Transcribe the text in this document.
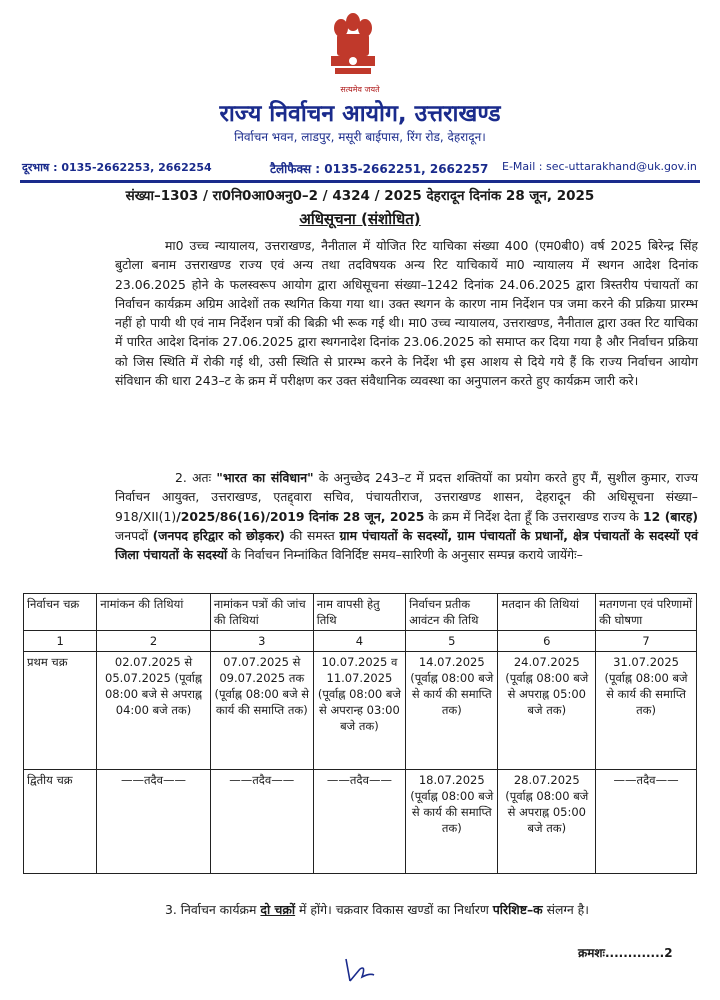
सत्यमेव जयते
राज्य निर्वाचन आयोग, उत्तराखण्ड
निर्वाचन भवन, लाडपुर, मसूरी बाईपास, रिंग रोड, देहरादून।
दूरभाष : 0135-2662253, 2662254	टैलीफैक्स : 0135-2662251, 2662257 E-Mail : sec-uttarakhand@uk.gov.in
संख्या–1303 / रा0नि0आ0अनु0–2 / 4324 / 2025 देहरादून दिनांक 28 जून, 2025
अधिसूचना (संशोधित)
मा0 उच्च न्यायालय, उत्तराखण्ड, नैनीताल में योजित रिट याचिका संख्या 400 (एम0बी0) वर्ष 2025 बिरेन्द्र सिंह बुटोला बनाम उत्तराखण्ड राज्य एवं अन्य तथा तदविषयक अन्य रिट याचिकायें मा0 न्यायालय में स्थगन आदेश दिनांक 23.06.2025 होने के फलस्वरूप आयोग द्वारा अधिसूचना संख्या–1242 दिनांक 24.06.2025 द्वारा त्रिस्तरीय पंचायतों का निर्वाचन कार्यक्रम अग्रिम आदेशों तक स्थगित किया गया था। उक्त स्थगन के कारण नाम निर्देशन पत्र जमा करने की प्रक्रिया प्रारम्भ नहीं हो पायी थी एवं नाम निर्देशन पत्रों की बिक्री भी रूक गई थी। मा0 उच्च न्यायालय, उत्तराखण्ड, नैनीताल द्वारा उक्त रिट याचिका में पारित आदेश दिनांक 27.06.2025 द्वारा स्थगनादेश दिनांक 23.06.2025 को समाप्त कर दिया गया है और निर्वाचन प्रक्रिया को जिस स्थिति में रोकी गई थी, उसी स्थिति से प्रारम्भ करने के निर्देश भी इस आशय से दिये गये हैं कि राज्य निर्वाचन आयोग संविधान की धारा 243–ट के क्रम में परीक्षण कर उक्त संवैधानिक व्यवस्था का अनुपालन करते हुए कार्यक्रम जारी करे।
2. अतः "भारत का संविधान" के अनुच्छेद 243–ट में प्रदत्त शक्तियों का प्रयोग करते हुए मैं, सुशील कुमार, राज्य निर्वाचन आयुक्त, उत्तराखण्ड, एतद्द्वारा सचिव, पंचायतीराज, उत्तराखण्ड शासन, देहरादून की अधिसूचना संख्या–918/XII(1)/2025/86(16)/2019 दिनांक 28 जून, 2025 के क्रम में निर्देश देता हूँ कि उत्तराखण्ड राज्य के 12 (बारह) जनपदों (जनपद हरिद्वार को छोड़कर) की समस्त ग्राम पंचायतों के सदस्यों, ग्राम पंचायतों के प्रधानों, क्षेत्र पंचायतों के सदस्यों एवं जिला पंचायतों के सदस्यों के निर्वाचन निम्नांकित विनिर्दिष्ट समय–सारिणी के अनुसार सम्पन्न कराये जायेंगेः–
निर्वाचन चक्र	नामांकन की तिथियां	नामांकन पत्रों की जांच की तिथियां	नाम वापसी हेतु तिथि	निर्वाचन प्रतीक आवंटन की तिथि	मतदान की तिथियां	मतगणना एवं परिणामों की घोषणा
1	2	3	4	5	6	7
प्रथम चक्र	02.07.2025 से 05.07.2025 (पूर्वाह्न 08:00 बजे से अपराह्न 04:00 बजे तक)	07.07.2025 से 09.07.2025 तक (पूर्वाह्न 08:00 बजे से कार्य की समाप्ति तक)	10.07.2025 व 11.07.2025 (पूर्वाह्न 08:00 बजे से अपरान्ह 03:00 बजे तक)	14.07.2025 (पूर्वाह्न 08:00 बजे से कार्य की समाप्ति तक)	24.07.2025 (पूर्वाह्न 08:00 बजे से अपराह्न 05:00 बजे तक)	31.07.2025 (पूर्वाह्न 08:00 बजे से कार्य की समाप्ति तक)
द्वितीय चक्र	——तदैव——	——तदैव——	——तदैव——	18.07.2025 (पूर्वाह्न 08:00 बजे से कार्य की समाप्ति तक)	28.07.2025 (पूर्वाह्न 08:00 बजे से अपराह्न 05:00 बजे तक)	——तदैव——
3. निर्वाचन कार्यक्रम दो चक्रों में होंगे। चक्रवार विकास खण्डों का निर्धारण परिशिष्ट–क संलग्न है।
क्रमशः.............2
